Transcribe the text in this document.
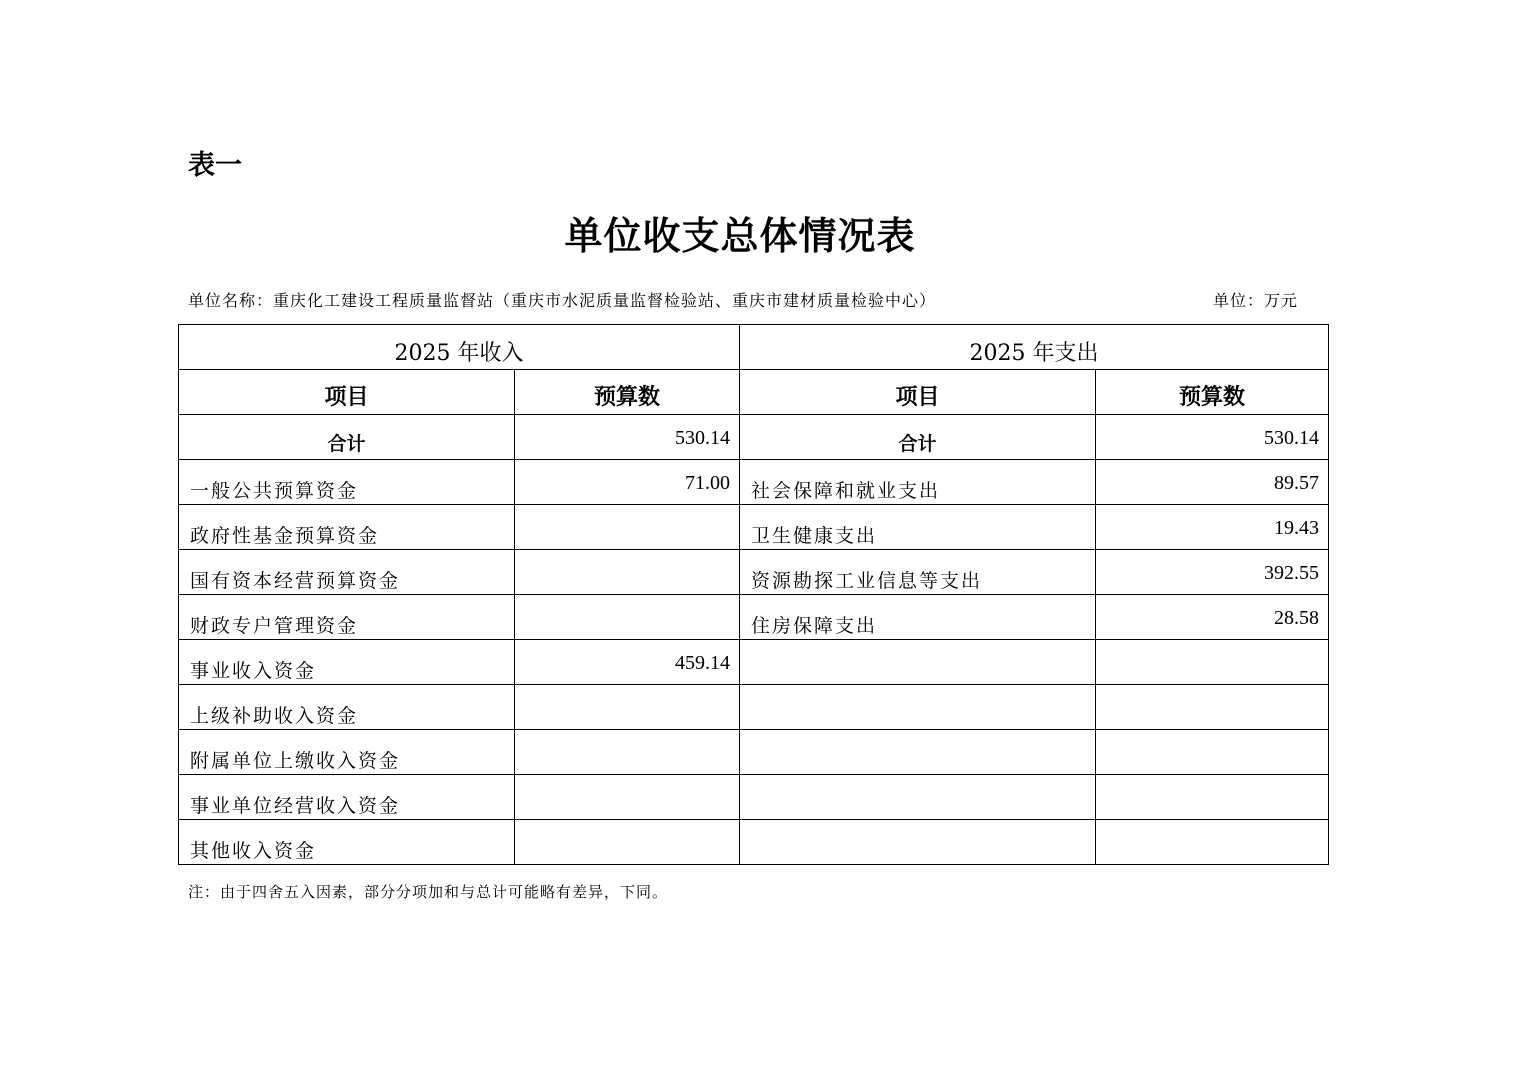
表一
单位收支总体情况表
单位名称：重庆化工建设工程质量监督站（重庆市水泥质量监督检验站、重庆市建材质量检验中心）	单位：万元
2025 年收入		2025 年支出	
项目	预算数	项目	预算数
合计	530.14	合计	530.14
一般公共预算资金	71.00	社会保障和就业支出	89.57
政府性基金预算资金		卫生健康支出	19.43
国有资本经营预算资金		资源勘探工业信息等支出	392.55
财政专户管理资金		住房保障支出	28.58
事业收入资金	459.14		
上级补助收入资金			
附属单位上缴收入资金			
事业单位经营收入资金			
其他收入资金			
注：由于四舍五入因素，部分分项加和与总计可能略有差异，下同。
